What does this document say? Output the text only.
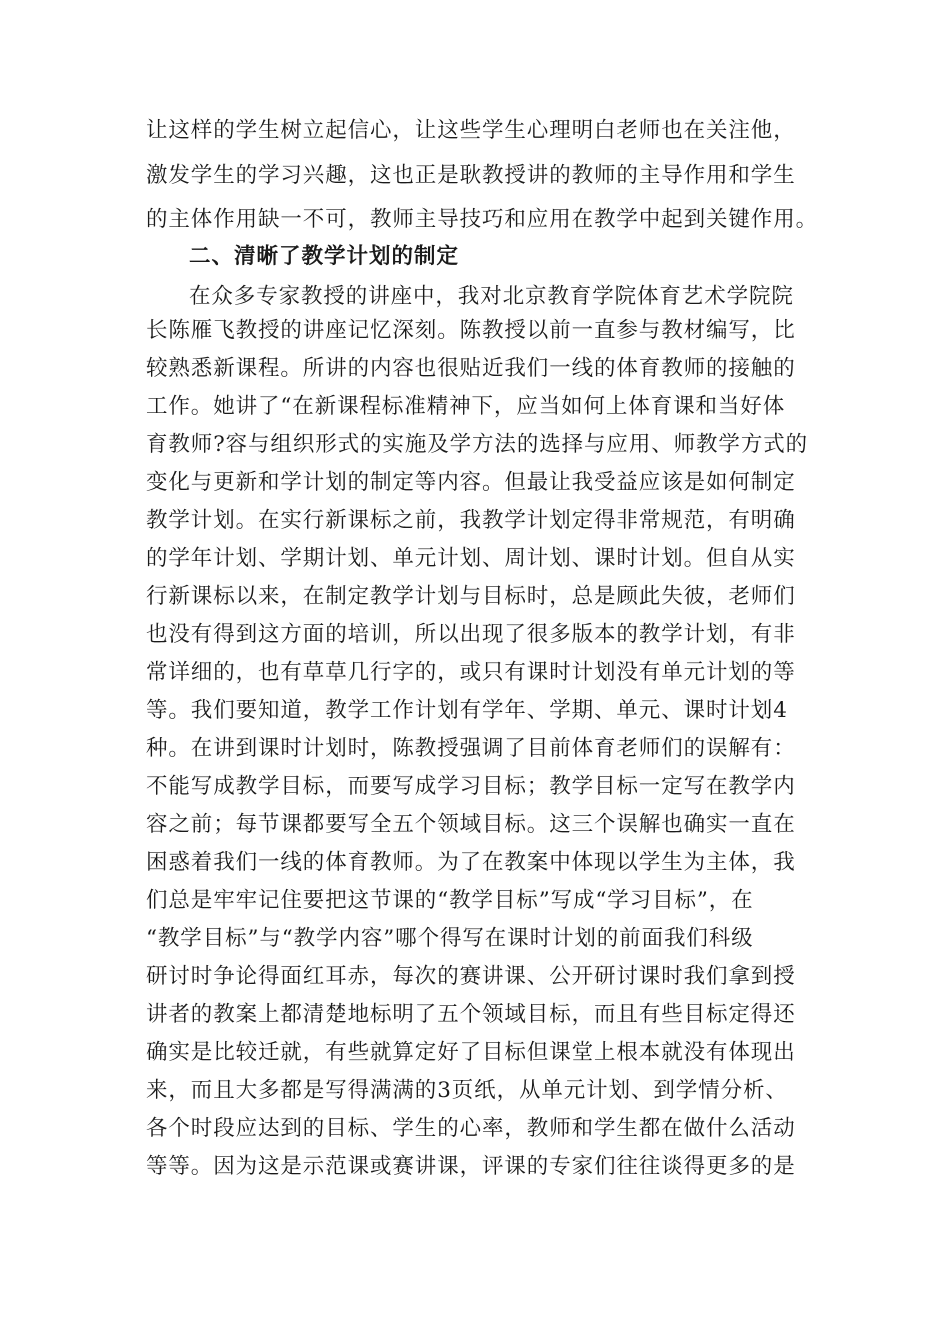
让这样的学生树立起信心，让这些学生心理明白老师也在关注他，
激发学生的学习兴趣，这也正是耿教授讲的教师的主导作用和学生
的主体作用缺一不可，教师主导技巧和应用在教学中起到关键作用。
二、清晰了教学计划的制定
在众多专家教授的讲座中，我对北京教育学院体育艺术学院院
长陈雁飞教授的讲座记忆深刻。陈教授以前一直参与教材编写，比
较熟悉新课程。所讲的内容也很贴近我们一线的体育教师的接触的
工作。她讲了“在新课程标准精神下，应当如何上体育课和当好体
育教师?容与组织形式的实施及学方法的选择与应用、师教学方式的
变化与更新和学计划的制定等内容。但最让我受益应该是如何制定
教学计划。在实行新课标之前，我教学计划定得非常规范，有明确
的学年计划、学期计划、单元计划、周计划、课时计划。但自从实
行新课标以来，在制定教学计划与目标时，总是顾此失彼，老师们
也没有得到这方面的培训，所以出现了很多版本的教学计划，有非
常详细的，也有草草几行字的，或只有课时计划没有单元计划的等
等。我们要知道，教学工作计划有学年、学期、单元、课时计划4
种。在讲到课时计划时，陈教授强调了目前体育老师们的误解有：
不能写成教学目标，而要写成学习目标；教学目标一定写在教学内
容之前；每节课都要写全五个领域目标。这三个误解也确实一直在
困惑着我们一线的体育教师。为了在教案中体现以学生为主体，我
们总是牢牢记住要把这节课的“教学目标”写成“学习目标”，在
“教学目标”与“教学内容”哪个得写在课时计划的前面我们科级
研讨时争论得面红耳赤，每次的赛讲课、公开研讨课时我们拿到授
讲者的教案上都清楚地标明了五个领域目标，而且有些目标定得还
确实是比较迁就，有些就算定好了目标但课堂上根本就没有体现出
来，而且大多都是写得满满的3页纸，从单元计划、到学情分析、
各个时段应达到的目标、学生的心率，教师和学生都在做什么活动
等等。因为这是示范课或赛讲课，评课的专家们往往谈得更多的是
